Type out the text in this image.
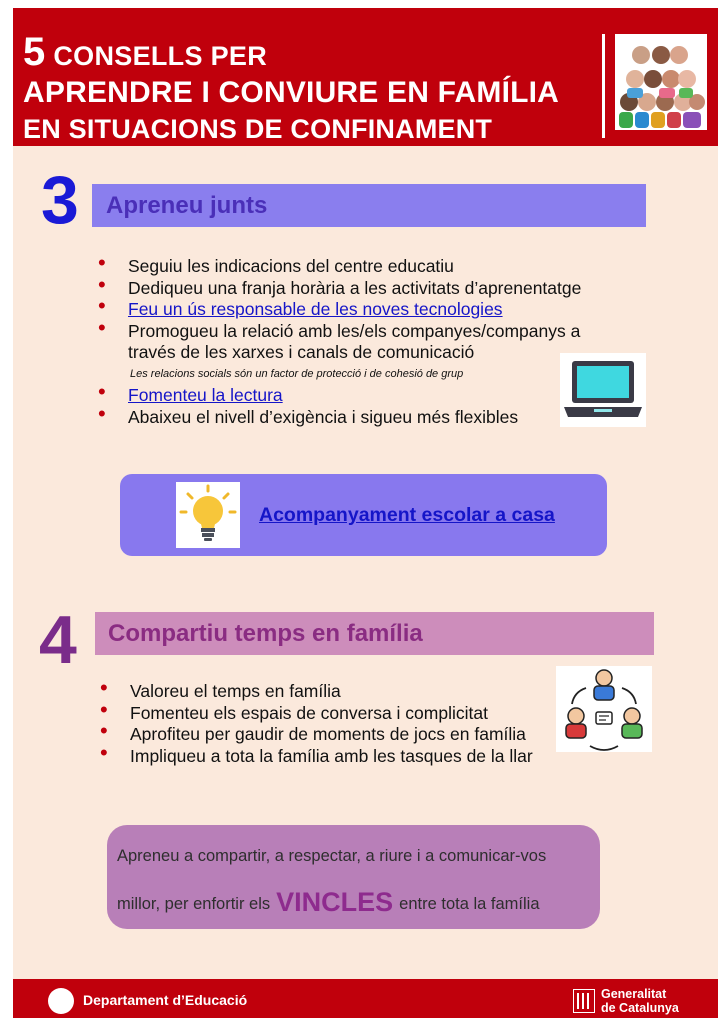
5 CONSELLS PER
APRENDRE I CONVIURE EN FAMÍLIA
EN SITUACIONS DE CONFINAMENT
3 Apreneu junts
• Seguiu les indicacions del centre educatiu
• Dediqueu una franja horària a les activitats d’aprenentatge
• Feu un ús responsable de les noves tecnologies
• Promogueu la relació amb les/els companyes/companys a
través de les xarxes i canals de comunicació
Les relacions socials són un factor de protecció i de cohesió de grup
• Fomenteu la lectura
• Abaixeu el nivell d’exigència i sigueu més flexibles
Acompanyament escolar a casa
4 Compartiu temps en família
• Valoreu el temps en família
• Fomenteu els espais de conversa i complicitat
• Aprofiteu per gaudir de moments de jocs en família
• Impliqueu a tota la família amb les tasques de la llar
Apreneu a compartir, a respectar, a riure i a comunicar-vos
millor, per enfortir els VINCLES entre tota la família
Departament d’Educació	Generalitat
de Catalunya
